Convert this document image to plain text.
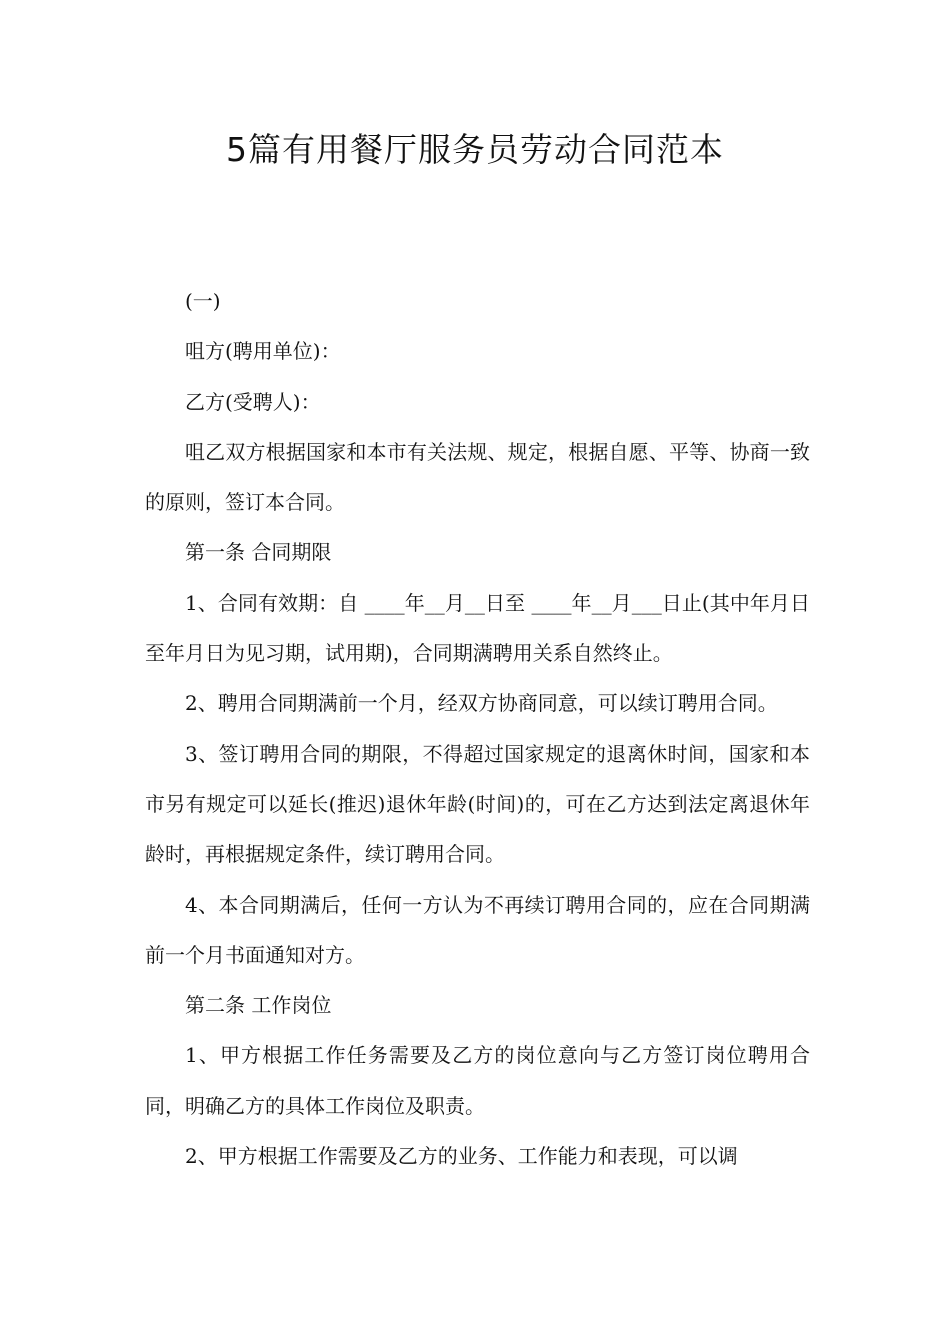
5篇有用餐厅服务员劳动合同范本

(一)

咀方(聘用单位)：

乙方(受聘人)：

咀乙双方根据国家和本市有关法规、规定，根据自愿、平等、协商一致的原则，签订本合同。

第一条 合同期限

1、合同有效期：自 ____年__月__日至 ____年__月___日止(其中年月日至年月日为见习期，试用期)，合同期满聘用关系自然终止。

2、聘用合同期满前一个月，经双方协商同意，可以续订聘用合同。

3、签订聘用合同的期限，不得超过国家规定的退离休时间，国家和本市另有规定可以延长(推迟)退休年龄(时间)的，可在乙方达到法定离退休年龄时，再根据规定条件，续订聘用合同。

4、本合同期满后，任何一方认为不再续订聘用合同的，应在合同期满前一个月书面通知对方。

第二条 工作岗位

1、甲方根据工作任务需要及乙方的岗位意向与乙方签订岗位聘用合同，明确乙方的具体工作岗位及职责。

2、甲方根据工作需要及乙方的业务、工作能力和表现，可以调
